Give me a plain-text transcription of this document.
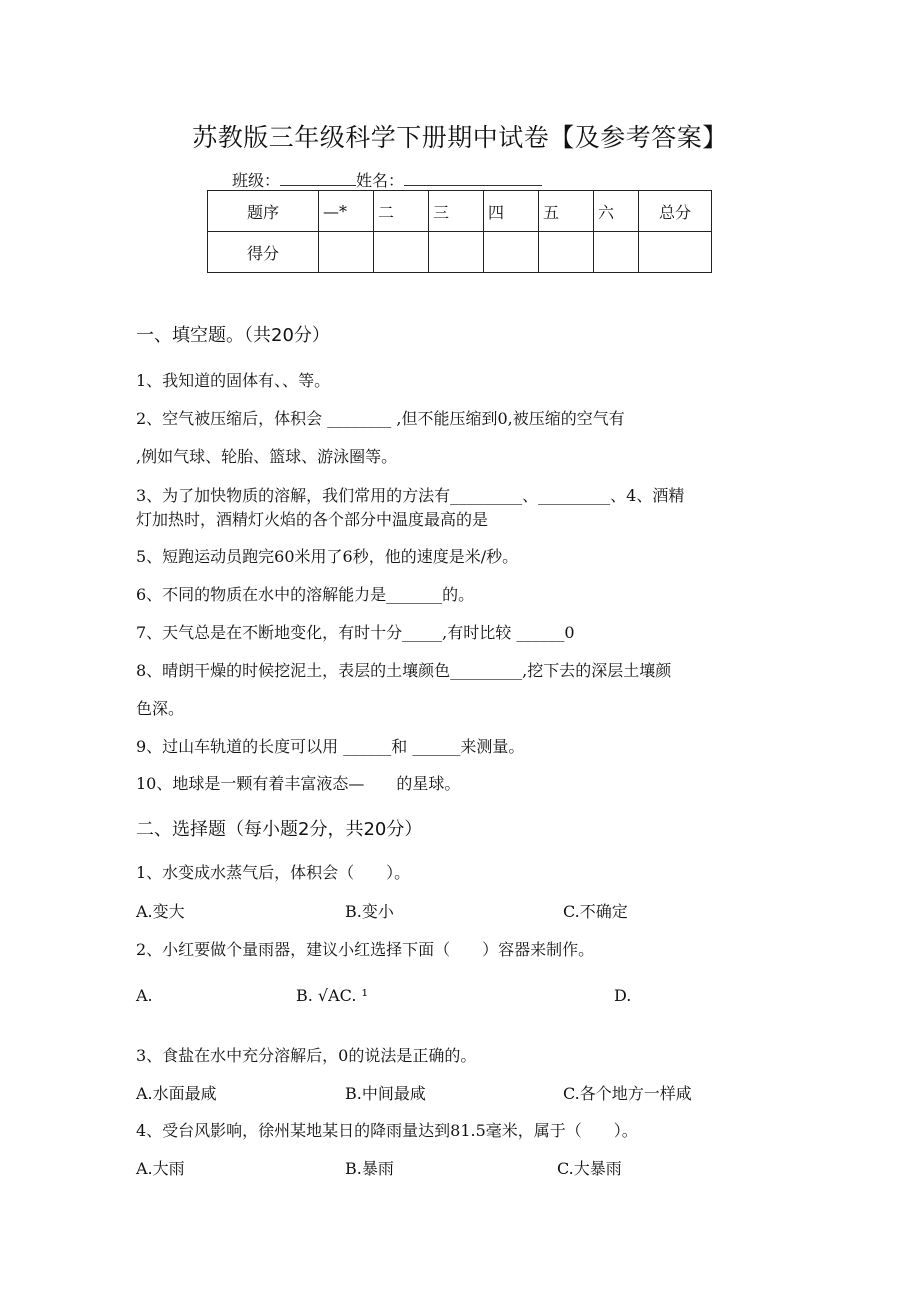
苏教版三年级科学下册期中试卷【及参考答案】
班级：	姓名：
题序	—*	二	三	四	五	六	总分
得分							
一、填空题。（共20分）
1、我知道的固体有、、等。
2、空气被压缩后，体积会 ________ ,但不能压缩到0,被压缩的空气有
,例如气球、轮胎、篮球、游泳圈等。
3、为了加快物质的溶解，我们常用的方法有_________、_________、4、酒精
灯加热时，酒精灯火焰的各个部分中温度最高的是
5、短跑运动员跑完60米用了6秒，他的速度是米/秒。
6、不同的物质在水中的溶解能力是_______的。
7、天气总是在不断地变化，有时十分_____,有时比较 ______0
8、晴朗干燥的时候挖泥土，表层的土壤颜色_________,挖下去的深层土壤颜
色深。
9、过山车轨道的长度可以用 ______和 ______来测量。
10、地球是一颗有着丰富液态—　　的星球。
二、选择题（每小题2分，共20分）
1、水变成水蒸气后，体积会（　　）。
A.变大	B.变小	C.不确定
2、小红要做个量雨器，建议小红选择下面（　　）容器来制作。
A.	B. √AC. ¹	D.
3、食盐在水中充分溶解后，0的说法是正确的。
A.水面最咸	B.中间最咸	C.各个地方一样咸
4、受台风影响，徐州某地某日的降雨量达到81.5毫米，属于（　　）。
A.大雨	B.暴雨	C.大暴雨
